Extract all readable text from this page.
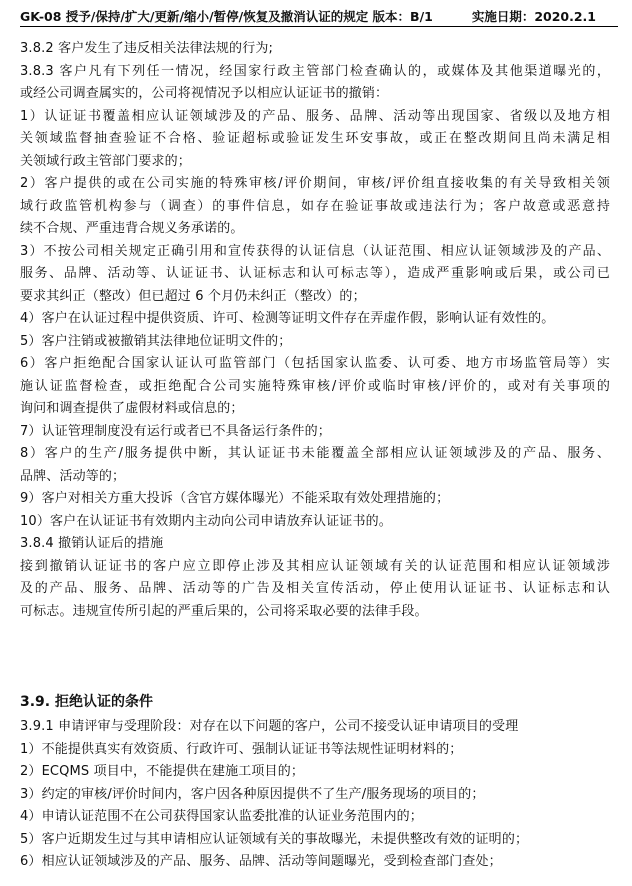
GK-08 授予/保持/扩大/更新/缩小/暂停/恢复及撤消认证的规定 版本：B/1	实施日期：2020.2.1
3.8.2 客户发生了违反相关法律法规的行为;
3.8.3 客户凡有下列任一情况，经国家行政主管部门检查确认的，或媒体及其他渠道曝光的，
或经公司调查属实的，公司将视情况予以相应认证证书的撤销：
1）认证证书覆盖相应认证领域涉及的产品、服务、品牌、活动等出现国家、省级以及地方相
关领域监督抽查验证不合格、验证超标或验证发生环安事故，或正在整改期间且尚未满足相
关领域行政主管部门要求的；
2）客户提供的或在公司实施的特殊审核/评价期间，审核/评价组直接收集的有关导致相关领
域行政监管机构参与（调查）的事件信息，如存在验证事故或违法行为；客户故意或恶意持
续不合规、严重违背合规义务承诺的。
3）不按公司相关规定正确引用和宣传获得的认证信息（认证范围、相应认证领域涉及的产品、
服务、品牌、活动等、认证证书、认证标志和认可标志等），造成严重影响或后果，或公司已
要求其纠正（整改）但已超过 6 个月仍未纠正（整改）的；
4）客户在认证过程中提供资质、许可、检测等证明文件存在弄虚作假，影响认证有效性的。
5）客户注销或被撤销其法律地位证明文件的；
6）客户拒绝配合国家认证认可监管部门（包括国家认监委、认可委、地方市场监管局等）实
施认证监督检查，或拒绝配合公司实施特殊审核/评价或临时审核/评价的，或对有关事项的
询问和调查提供了虚假材料或信息的；
7）认证管理制度没有运行或者已不具备运行条件的；
8）客户的生产/服务提供中断，其认证证书未能覆盖全部相应认证领域涉及的产品、服务、
品牌、活动等的；
9）客户对相关方重大投诉（含官方媒体曝光）不能采取有效处理措施的；
10）客户在认证证书有效期内主动向公司申请放弃认证证书的。
3.8.4 撤销认证后的措施
接到撤销认证证书的客户应立即停止涉及其相应认证领域有关的认证范围和相应认证领域涉
及的产品、服务、品牌、活动等的广告及相关宣传活动，停止使用认证证书、认证标志和认
可标志。违规宣传所引起的严重后果的，公司将采取必要的法律手段。
3.9. 拒绝认证的条件
3.9.1 申请评审与受理阶段：对存在以下问题的客户，公司不接受认证申请项目的受理
1）不能提供真实有效资质、行政许可、强制认证证书等法规性证明材料的；
2）ECQMS 项目中，不能提供在建施工项目的；
3）约定的审核/评价时间内，客户因各种原因提供不了生产/服务现场的项目的；
4）申请认证范围不在公司获得国家认监委批准的认证业务范围内的；
5）客户近期发生过与其申请相应认证领域有关的事故曝光，未提供整改有效的证明的；
6）相应认证领域涉及的产品、服务、品牌、活动等间题曝光，受到检查部门查处；
